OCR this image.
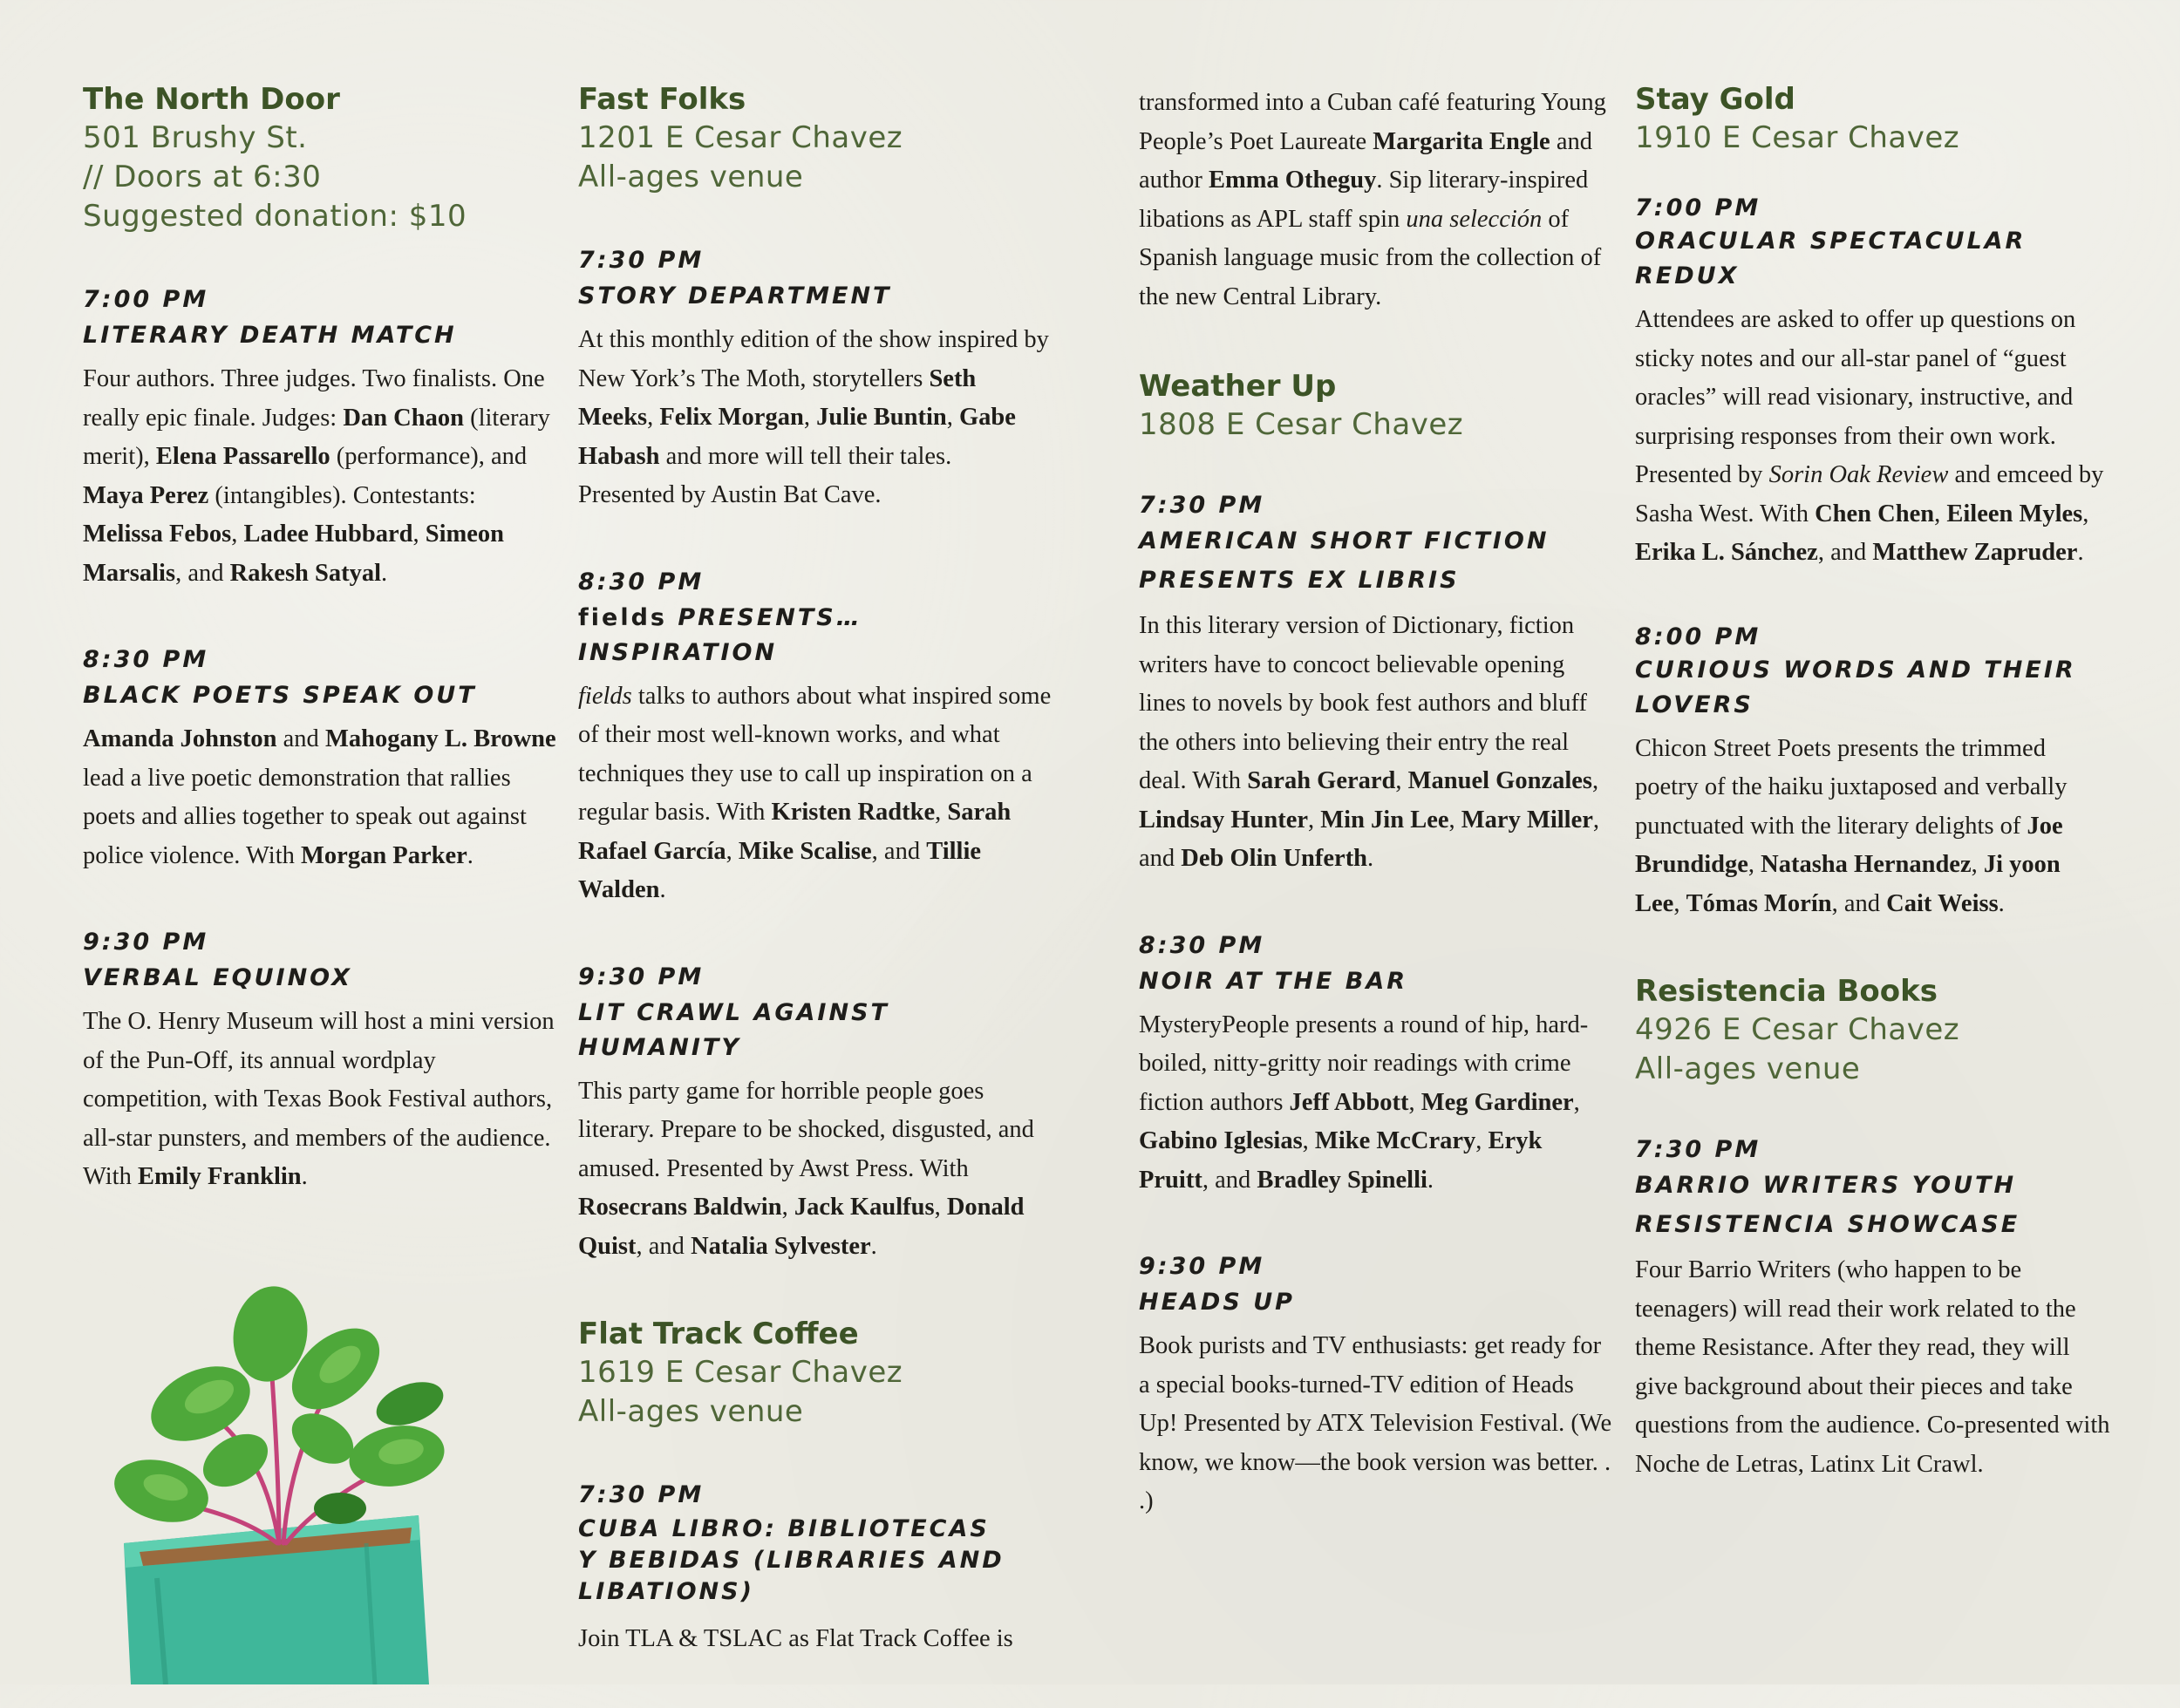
The North Door

501 Brushy St.

// Doors at 6:30

Suggested donation: $10

7:00 PM

LITERARY DEATH MATCH

Four authors. Three judges. Two finalists. One really epic finale. Judges: Dan Chaon (literary merit), Elena Passarello (performance), and Maya Perez (intangibles). Contestants: Melissa Febos, Ladee Hubbard, Simeon Marsalis, and Rakesh Satyal.

8:30 PM

BLACK POETS SPEAK OUT

Amanda Johnston and Mahogany L. Browne lead a live poetic demonstration that rallies poets and allies together to speak out against police violence. With Morgan Parker.

9:30 PM

VERBAL EQUINOX

The O. Henry Museum will host a mini version of the Pun-Off, its annual wordplay competition, with Texas Book Festival authors, all-star punsters, and members of the audience. With Emily Franklin.

Fast Folks

1201 E Cesar Chavez

All-ages venue

7:30 PM

STORY DEPARTMENT

At this monthly edition of the show inspired by New York’s The Moth, storytellers Seth Meeks, Felix Morgan, Julie Buntin, Gabe Habash and more will tell their tales. Presented by Austin Bat Cave.

8:30 PM

fields PRESENTS…INSPIRATION

fields talks to authors about what inspired some of their most well-known works, and what techniques they use to call up inspiration on a regular basis. With Kristen Radtke, Sarah Rafael García, Mike Scalise, and Tillie Walden.

9:30 PM

LIT CRAWL AGAINST HUMANITY

This party game for horrible people goes literary. Prepare to be shocked, disgusted, and amused. Presented by Awst Press. With Rosecrans Baldwin, Jack Kaulfus, Donald Quist, and Natalia Sylvester.

Flat Track Coffee

1619 E Cesar Chavez

All-ages venue

7:30 PM

CUBA LIBRO: BIBLIOTECAS
Y BEBIDAS (LIBRARIES AND
LIBATIONS)

Join TLA & TSLAC as Flat Track Coffee is

transformed into a Cuban café featuring Young People’s Poet Laureate Margarita Engle and author Emma Otheguy. Sip literary-inspired libations as APL staff spin una selección of Spanish language music from the collection of the new Central Library.

Weather Up

1808 E Cesar Chavez

7:30 PM

AMERICAN SHORT FICTION
PRESENTS EX LIBRIS

In this literary version of Dictionary, fiction writers have to concoct believable opening lines to novels by book fest authors and bluff the others into believing their entry the real deal. With Sarah Gerard, Manuel Gonzales, Lindsay Hunter, Min Jin Lee, Mary Miller, and Deb Olin Unferth.

8:30 PM

NOIR AT THE BAR

MysteryPeople presents a round of hip, hard-boiled, nitty-gritty noir readings with crime fiction authors Jeff Abbott, Meg Gardiner, Gabino Iglesias, Mike McCrary, Eryk Pruitt, and Bradley Spinelli.

9:30 PM

HEADS UP

Book purists and TV enthusiasts: get ready for a special books-turned-TV edition of Heads Up! Presented by ATX Television Festival. (We know, we know—the book version was better. . .)

Stay Gold

1910 E Cesar Chavez

7:00 PM

ORACULAR SPECTACULAR
REDUX

Attendees are asked to offer up questions on sticky notes and our all-star panel of “guest oracles” will read visionary, instructive, and surprising responses from their own work. Presented by Sorin Oak Review and emceed by Sasha West. With Chen Chen, Eileen Myles, Erika L. Sánchez, and Matthew Zapruder.

8:00 PM

CURIOUS WORDS AND THEIR
LOVERS

Chicon Street Poets presents the trimmed poetry of the haiku juxtaposed and verbally punctuated with the literary delights of Joe Brundidge, Natasha Hernandez, Ji yoon Lee, Tómas Morín, and Cait Weiss.

Resistencia Books

4926 E Cesar Chavez

All-ages venue

7:30 PM

BARRIO WRITERS YOUTH
RESISTENCIA SHOWCASE

Four Barrio Writers (who happen to be teenagers) will read their work related to the theme Resistance. After they read, they will give background about their pieces and take questions from the audience. Co-presented with Noche de Letras, Latinx Lit Crawl.
